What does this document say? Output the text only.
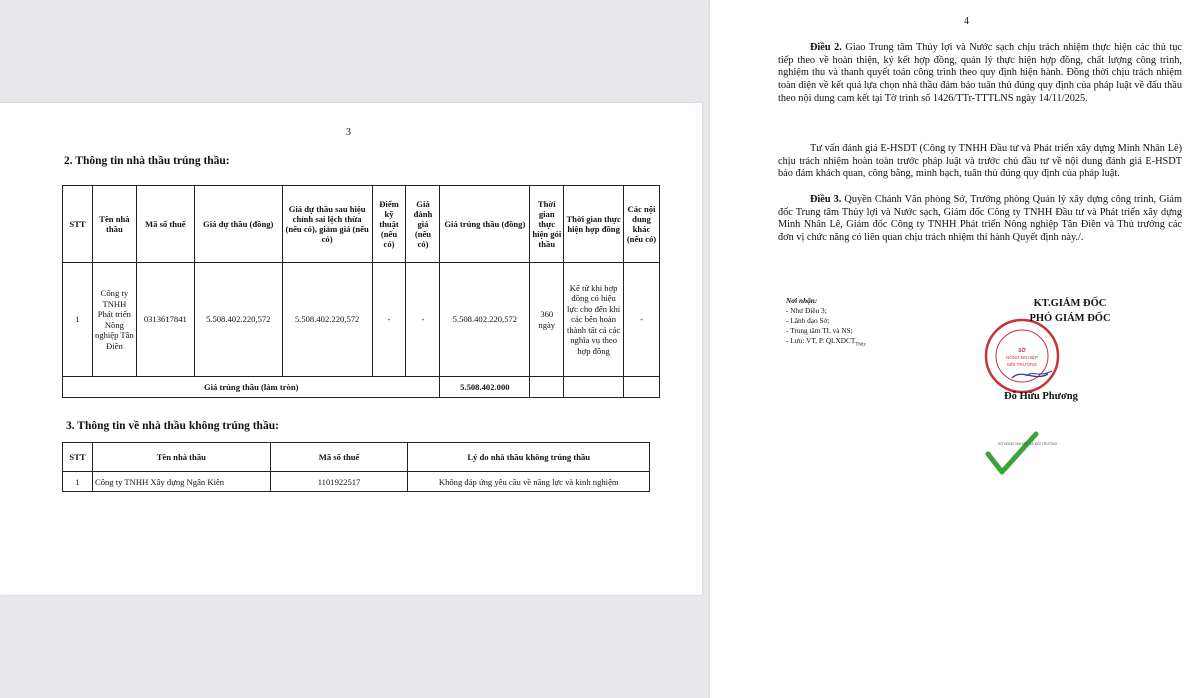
3
2. Thông tin nhà thầu trúng thầu:
STT	Tên nhà thầu	Mã số thuế	Giá dự thầu (đồng)	Giá dự thầu sau hiệu chỉnh sai lệch thừa (nếu có), giảm giá (nếu có)	Điểm kỹ thuật (nếu có)	Giá đánh giá (nếu có)	Giá trúng thầu (đồng)	Thời gian thực hiện gói thầu	Thời gian thực hiện hợp đồng	Các nội dung khác (nếu có)
1	Công ty TNHH Phát triển Nông nghiệp Tân Điền	0313617841	5.508.402.220,572	5.508.402.220,572	-	-	5.508.402.220,572	360 ngày	Kể từ khi hợp đồng có hiệu lực cho đến khi các bên hoàn thành tất cả các nghĩa vụ theo hợp đồng	-
Giá trúng thầu (làm tròn)							5.508.402.000			
3. Thông tin về nhà thầu không trúng thầu:
STT	Tên nhà thầu	Mã số thuế	Lý do nhà thầu không trúng thầu
1	Công ty TNHH Xây dựng Ngân Kiên	1101922517	Không đáp ứng yêu cầu về năng lực và kinh nghiệm
4
Điều 2. Giao Trung tâm Thủy lợi và Nước sạch chịu trách nhiệm thực hiện các thủ tục tiếp theo về hoàn thiện, ký kết hợp đồng, quản lý thực hiện hợp đồng, chất lượng công trình, nghiệm thu và thanh quyết toán công trình theo quy định hiện hành. Đồng thời chịu trách nhiệm toàn diện về kết quả lựa chọn nhà thầu đảm bảo tuân thủ đúng quy định của pháp luật về đấu thầu theo nội dung cam kết tại Tờ trình số 1426/TTr-TTTLNS ngày 14/11/2025.
Tư vấn đánh giá E-HSDT (Công ty TNHH Đầu tư và Phát triển xây dựng Minh Nhân Lê) chịu trách nhiệm hoàn toàn trước pháp luật và trước chủ đầu tư về nội dung đánh giá E-HSDT bảo đảm khách quan, công bằng, minh bạch, tuân thủ đúng quy định của pháp luật.
Điều 3. Quyền Chánh Văn phòng Sở, Trưởng phòng Quản lý xây dựng công trình, Giám đốc Trung tâm Thủy lợi và Nước sạch, Giám đốc Công ty TNHH Đầu tư và Phát triển xây dựng Minh Nhân Lê, Giám đốc Công ty TNHH Phát triển Nông nghiệp Tân Điền và Thủ trưởng các đơn vị chức năng có liên quan chịu trách nhiệm thi hành Quyết định này./.
Nơi nhận:
- Như Điều 3;
- Lãnh đạo Sở;
- Trung tâm TL và NS;
- Lưu: VT, P. $QLXDCT_{Thủy}$
SỞ
NÔNG NGHIỆP
MÔI TRƯỜNG
KT.GIÁM ĐỐC
PHÓ GIÁM ĐỐC
Đỗ Hữu Phương
SỞ NÔNG NGHIỆP VÀ MÔI TRƯỜNG
